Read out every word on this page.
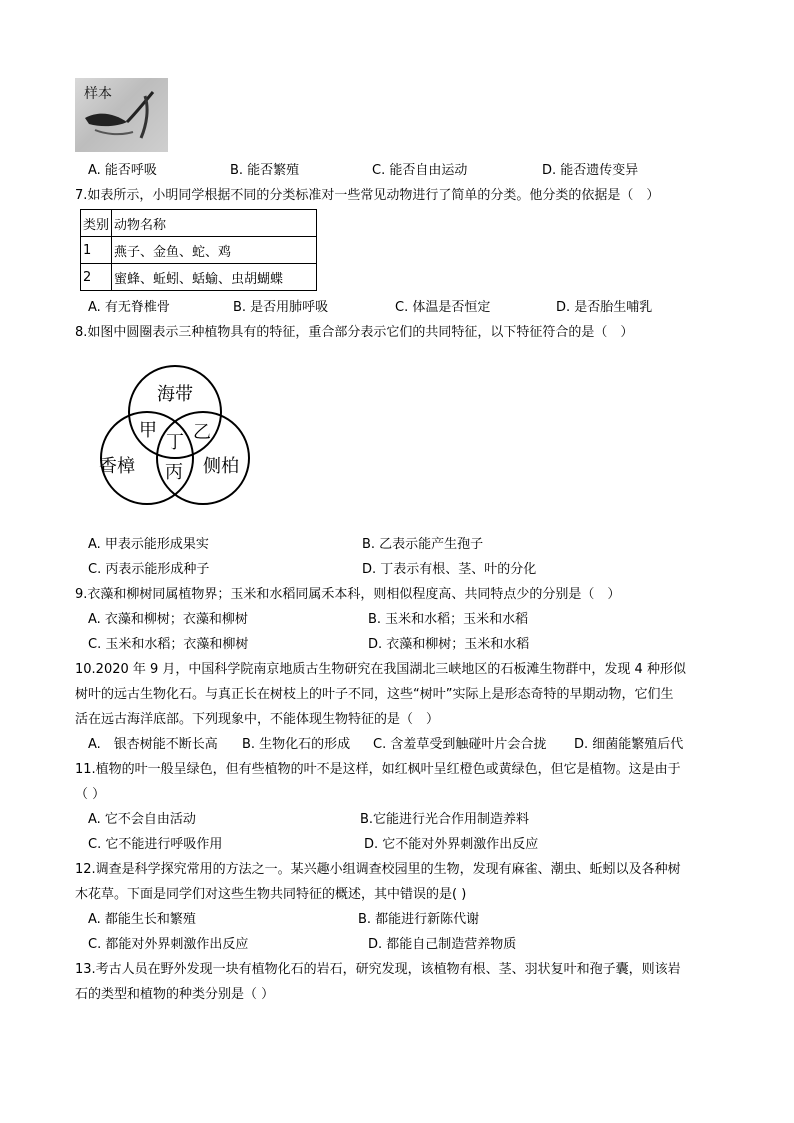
样本
A. 能否呼吸	B. 能否繁殖	C. 能否自由运动	D. 能否遗传变异
7.如表所示，小明同学根据不同的分类标准对一些常见动物进行了简单的分类。他分类的依据是（　）
类别	动物名称
1	燕子、金鱼、蛇、鸡
2	蜜蜂、蚯蚓、蛞蝓、虫胡蝴蝶
A. 有无脊椎骨	B. 是否用肺呼吸	C. 体温是否恒定	D. 是否胎生哺乳
8.如图中圆圈表示三种植物具有的特征，重合部分表示它们的共同特征，以下特征符合的是（　）
海带
香樟	侧柏
甲 乙
丙
丁
A. 甲表示能形成果实	B. 乙表示能产生孢子
C. 丙表示能形成种子	D. 丁表示有根、茎、叶的分化
9.衣藻和柳树同属植物界；玉米和水稻同属禾本科，则相似程度高、共同特点少的分别是（　）
A. 衣藻和柳树；衣藻和柳树	B. 玉米和水稻；玉米和水稻
C. 玉米和水稻；衣藻和柳树	D. 衣藻和柳树；玉米和水稻
10.2020 年 9 月，中国科学院南京地质古生物研究在我国湖北三峡地区的石板滩生物群中，发现 4 种形似
树叶的远古生物化石。与真正长在树枝上的叶子不同，这些“树叶”实际上是形态奇特的早期动物，它们生
活在远古海洋底部。下列现象中，不能体现生物特征的是（　）
A.　银杏树能不断长高 B. 生物化石的形成 C. 含羞草受到触碰叶片会合拢 D. 细菌能繁殖后代
11.植物的叶一般呈绿色，但有些植物的叶不是这样，如红枫叶呈红橙色或黄绿色，但它是植物。这是由于
（ ）
A. 它不会自由活动	B.它能进行光合作用制造养料
C. 它不能进行呼吸作用	D. 它不能对外界刺激作出反应
12.调查是科学探究常用的方法之一。某兴趣小组调查校园里的生物，发现有麻雀、潮虫、蚯蚓以及各种树
木花草。下面是同学们对这些生物共同特征的概述，其中错误的是( )
A. 都能生长和繁殖	B. 都能进行新陈代谢
C. 都能对外界刺激作出反应	D. 都能自己制造营养物质
13.考古人员在野外发现一块有植物化石的岩石，研究发现，该植物有根、茎、羽状复叶和孢子囊，则该岩
石的类型和植物的种类分别是（ ）
